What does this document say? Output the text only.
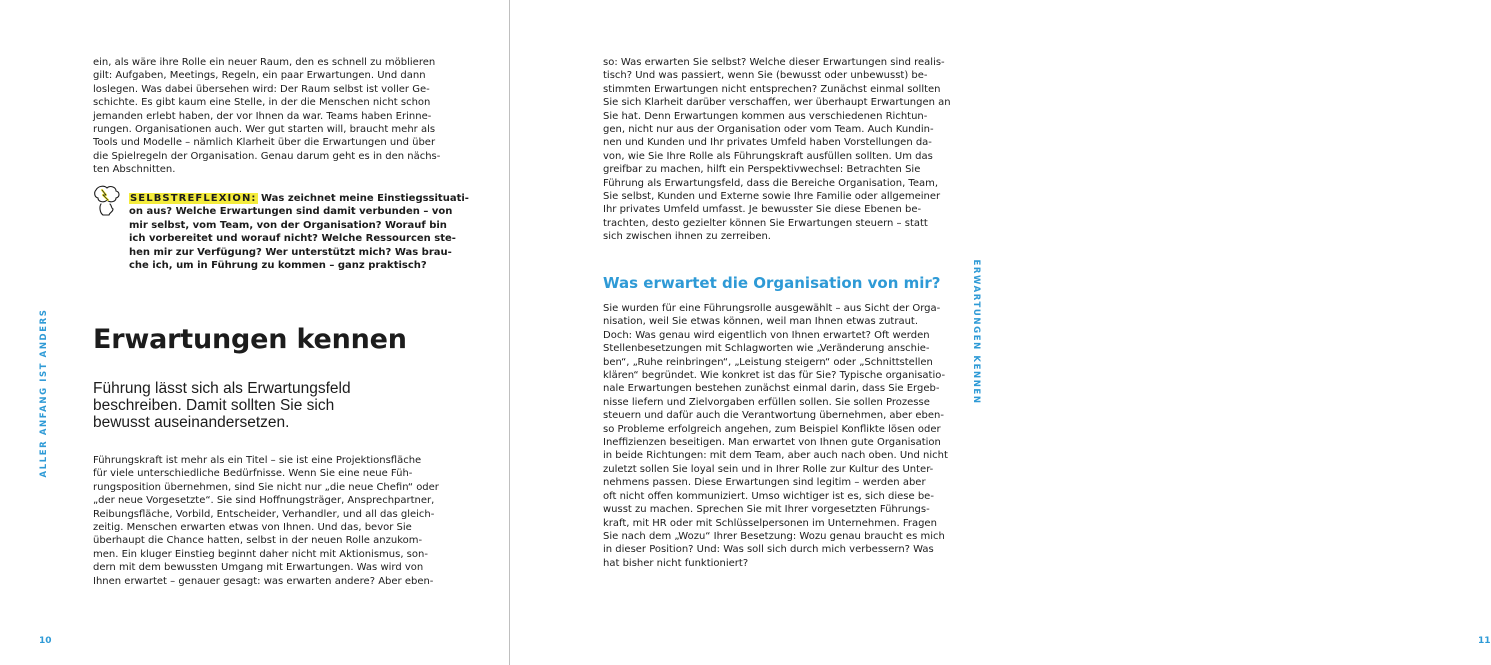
ALLER ANFANG IST ANDERS

ein, als wäre ihre Rolle ein neuer Raum, den es schnell zu möblieren
gilt: Aufgaben, Meetings, Regeln, ein paar Erwartungen. Und dann
loslegen. Was dabei übersehen wird: Der Raum selbst ist voller Ge-
schichte. Es gibt kaum eine Stelle, in der die Menschen nicht schon
jemanden erlebt haben, der vor Ihnen da war. Teams haben Erinne-
rungen. Organisationen auch. Wer gut starten will, braucht mehr als
Tools und Modelle – nämlich Klarheit über die Erwartungen und über
die Spielregeln der Organisation. Genau darum geht es in den nächs-
ten Abschnitten.

SELBSTREFLEXION: Was zeichnet meine Einstiegssituati-
on aus? Welche Erwartungen sind damit verbunden – von
mir selbst, vom Team, von der Organisation? Worauf bin
ich vorbereitet und worauf nicht? Welche Ressourcen ste-
hen mir zur Verfügung? Wer unterstützt mich? Was brau-
che ich, um in Führung zu kommen – ganz praktisch?
Erwartungen kennen

Führung lässt sich als Erwartungsfeld
beschreiben. Damit sollten Sie sich
bewusst auseinandersetzen.

Führungskraft ist mehr als ein Titel – sie ist eine Projektionsfläche
für viele unterschiedliche Bedürfnisse. Wenn Sie eine neue Füh-
rungsposition übernehmen, sind Sie nicht nur „die neue Chefin“ oder
„der neue Vorgesetzte“. Sie sind Hoffnungsträger, Ansprechpartner,
Reibungsfläche, Vorbild, Entscheider, Verhandler, und all das gleich-
zeitig. Menschen erwarten etwas von Ihnen. Und das, bevor Sie
überhaupt die Chance hatten, selbst in der neuen Rolle anzukom-
men. Ein kluger Einstieg beginnt daher nicht mit Aktionismus, son-
dern mit dem bewussten Umgang mit Erwartungen. Was wird von
Ihnen erwartet – genauer gesagt: was erwarten andere? Aber eben-

10	11

so: Was erwarten Sie selbst? Welche dieser Erwartungen sind realis-
tisch? Und was passiert, wenn Sie (bewusst oder unbewusst) be-
stimmten Erwartungen nicht entsprechen? Zunächst einmal sollten
Sie sich Klarheit darüber verschaffen, wer überhaupt Erwartungen an
Sie hat. Denn Erwartungen kommen aus verschiedenen Richtun-
gen, nicht nur aus der Organisation oder vom Team. Auch Kundin-
nen und Kunden und Ihr privates Umfeld haben Vorstellungen da-
von, wie Sie Ihre Rolle als Führungskraft ausfüllen sollten. Um das
greifbar zu machen, hilft ein Perspektivwechsel: Betrachten Sie
Führung als Erwartungsfeld, dass die Bereiche Organisation, Team,
Sie selbst, Kunden und Externe sowie Ihre Familie oder allgemeiner
Ihr privates Umfeld umfasst. Je bewusster Sie diese Ebenen be-
trachten, desto gezielter können Sie Erwartungen steuern – statt
sich zwischen ihnen zu zerreiben.

Was erwartet die Organisation von mir?

Sie wurden für eine Führungsrolle ausgewählt – aus Sicht der Orga-
nisation, weil Sie etwas können, weil man Ihnen etwas zutraut.
Doch: Was genau wird eigentlich von Ihnen erwartet? Oft werden
Stellenbesetzungen mit Schlagworten wie „Veränderung anschie-
ben“, „Ruhe reinbringen“, „Leistung steigern“ oder „Schnittstellen
klären“ begründet. Wie konkret ist das für Sie? Typische organisatio-
nale Erwartungen bestehen zunächst einmal darin, dass Sie Ergeb-
nisse liefern und Zielvorgaben erfüllen sollen. Sie sollen Prozesse
steuern und dafür auch die Verantwortung übernehmen, aber eben-
so Probleme erfolgreich angehen, zum Beispiel Konflikte lösen oder
Ineffizienzen beseitigen. Man erwartet von Ihnen gute Organisation
in beide Richtungen: mit dem Team, aber auch nach oben. Und nicht
zuletzt sollen Sie loyal sein und in Ihrer Rolle zur Kultur des Unter-
nehmens passen. Diese Erwartungen sind legitim – werden aber
oft nicht offen kommuniziert. Umso wichtiger ist es, sich diese be-
wusst zu machen. Sprechen Sie mit Ihrer vorgesetzten Führungs-
kraft, mit HR oder mit Schlüsselpersonen im Unternehmen. Fragen
Sie nach dem „Wozu“ Ihrer Besetzung: Wozu genau braucht es mich
in dieser Position? Und: Was soll sich durch mich verbessern? Was
hat bisher nicht funktioniert?

ERWARTUNGEN KENNEN
